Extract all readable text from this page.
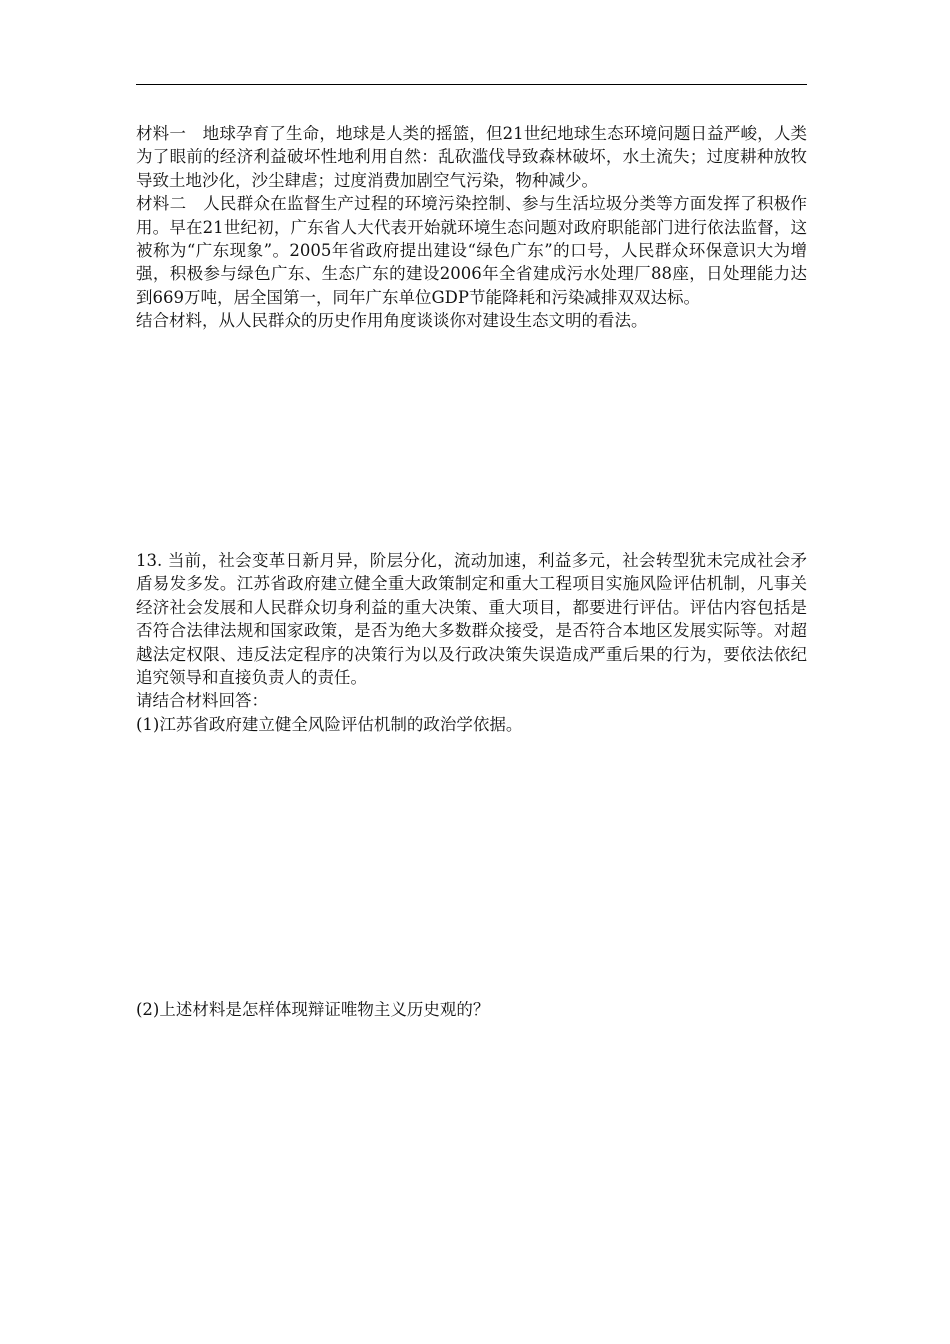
材料一　地球孕育了生命，地球是人类的摇篮，但21世纪地球生态环境问题日益严峻，人类为了眼前的经济利益破坏性地利用自然：乱砍滥伐导致森林破坏，水土流失；过度耕种放牧导致土地沙化，沙尘肆虐；过度消费加剧空气污染，物种减少。

材料二　人民群众在监督生产过程的环境污染控制、参与生活垃圾分类等方面发挥了积极作用。早在21世纪初，广东省人大代表开始就环境生态问题对政府职能部门进行依法监督，这被称为“广东现象”。2005年省政府提出建设“绿色广东”的口号，人民群众环保意识大为增强，积极参与绿色广东、生态广东的建设2006年全省建成污水处理厂88座，日处理能力达到669万吨，居全国第一，同年广东单位GDP节能降耗和污染减排双双达标。

结合材料，从人民群众的历史作用角度谈谈你对建设生态文明的看法。

13. 当前，社会变革日新月异，阶层分化，流动加速，利益多元，社会转型犹未完成社会矛盾易发多发。江苏省政府建立健全重大政策制定和重大工程项目实施风险评估机制，凡事关经济社会发展和人民群众切身利益的重大决策、重大项目，都要进行评估。评估内容包括是否符合法律法规和国家政策，是否为绝大多数群众接受，是否符合本地区发展实际等。对超越法定权限、违反法定程序的决策行为以及行政决策失误造成严重后果的行为，要依法依纪追究领导和直接负责人的责任。

请结合材料回答：

(1)江苏省政府建立健全风险评估机制的政治学依据。

(2)上述材料是怎样体现辩证唯物主义历史观的？
